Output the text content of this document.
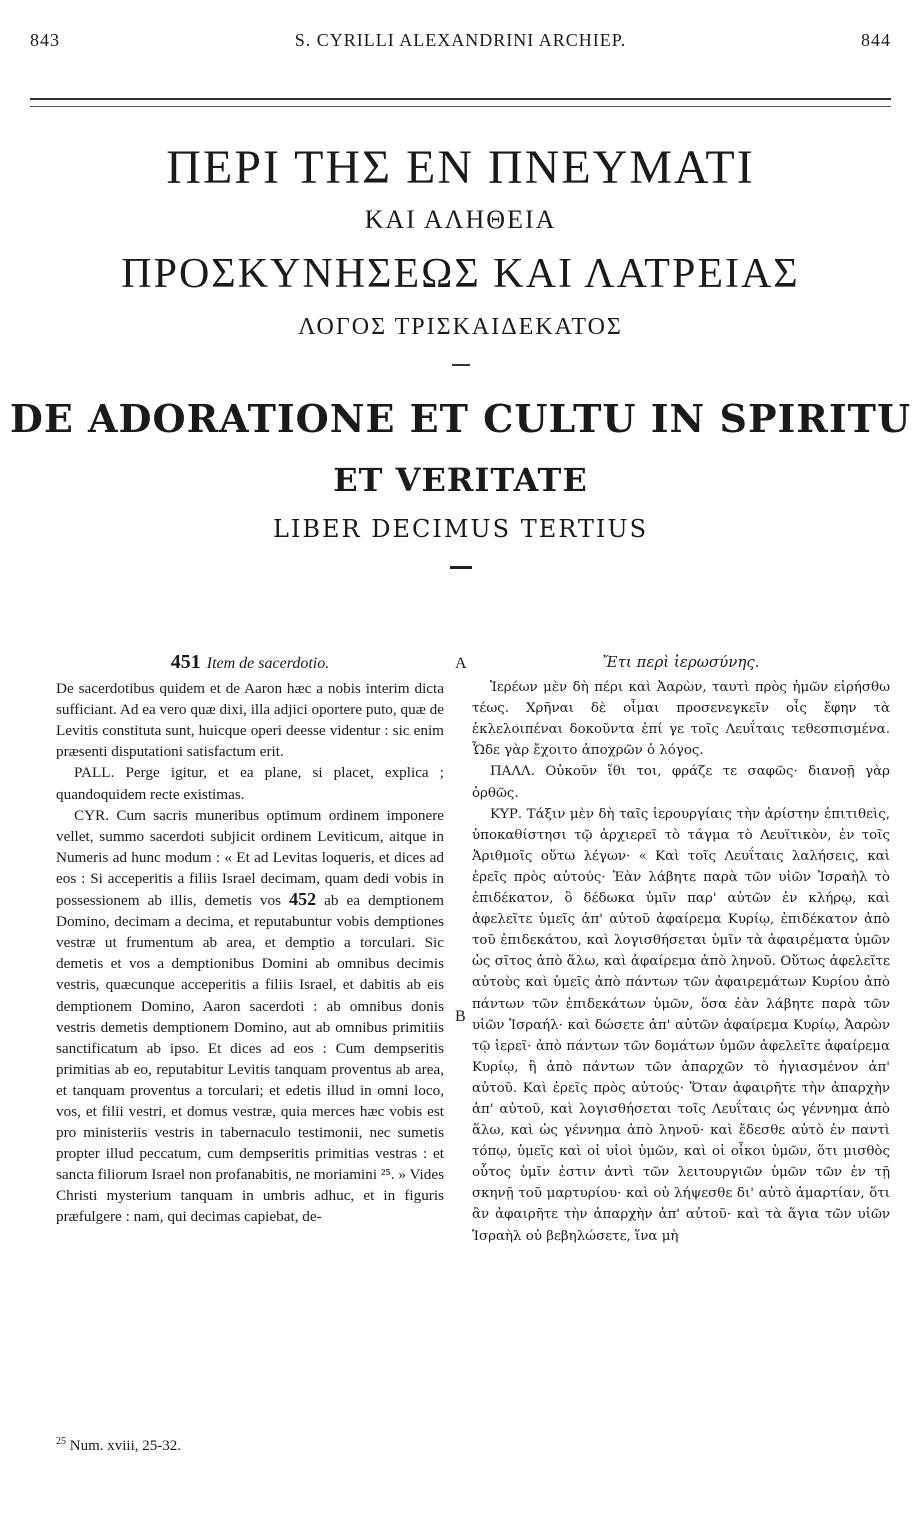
843	S. CYRILLI ALEXANDRINI ARCHIEP.	844
ΠΕΡΙ ΤΗΣ ΕΝ ΠΝΕΥΜΑΤΙ
ΚΑΙ ΑΛΗΘΕΙΑ
ΠΡΟΣΚΥΝΗΣΕΩΣ ΚΑΙ ΛΑΤΡΕΙΑΣ
ΛΟΓΟΣ ΤΡΙΣΚΑΙΔΕΚΑΤΟΣ
DE ADORATIONE ET CULTU IN SPIRITU
ET VERITATE
LIBER DECIMUS TERTIUS
A
B
451 Item de sacerdotio.

De sacerdotibus quidem et de Aaron hæc a nobis interim dicta sufficiant. Ad ea vero quæ dixi, illa adjici oportere puto, quæ de Levitis constituta sunt, huicque operi deesse videntur : sic enim præsenti disputationi satisfactum erit.

PALL. Perge igitur, et ea plane, si placet, explica ; quandoquidem recte existimas.

CYR. Cum sacris muneribus optimum ordinem imponere vellet, summo sacerdoti subjicit ordinem Leviticum, aitque in Numeris ad hunc modum : « Et ad Levitas loqueris, et dices ad eos : Si acceperitis a filiis Israel decimam, quam dedi vobis in possessionem ab illis, demetis vos 452 ab ea demptionem Domino, decimam a decima, et reputabuntur vobis demptiones vestræ ut frumentum ab area, et demptio a torculari. Sic demetis et vos a demptionibus Domini ab omnibus decimis vestris, quæcunque acceperitis a filiis Israel, et dabitis ab eis demptionem Domino, Aaron sacerdoti : ab omnibus donis vestris demetis demptionem Domino, aut ab omnibus primitiis sanctificatum ab ipso. Et dices ad eos : Cum dempseritis primitias ab eo, reputabitur Levitis tanquam proventus ab area, et tanquam proventus a torculari; et edetis illud in omni loco, vos, et filii vestri, et domus vestræ, quia merces hæc vobis est pro ministeriis vestris in tabernaculo testimonii, nec sumetis propter illud peccatum, cum dempseritis primitias vestras : et sancta filiorum Israel non profanabitis, ne moriamini ²⁵. » Vides Christi mysterium tanquam in umbris adhuc, et in figuris præfulgere : nam, qui decimas capiebat, de-

Ἔτι περὶ ἱερωσύνης.

Ἱερέων μὲν δὴ πέρι καὶ Ἀαρὼν, ταυτὶ πρὸς ἡμῶν εἰρήσθω τέως. Χρῆναι δὲ οἶμαι προσενεγκεῖν οἷς ἔφην τὰ ἐκλελοιπέναι δοκοῦντα ἐπί γε τοῖς Λευΐταις τεθεσπισμένα. Ὧδε γὰρ ἔχοιτο ἀποχρῶν ὁ λόγος.

ΠΑΛΛ. Οὐκοῦν ἴθι τοι, φράζε τε σαφῶς· διανοῇ γὰρ ὀρθῶς.

ΚΥΡ. Τάξιν μὲν δὴ ταῖς ἱερουργίαις τὴν ἀρίστην ἐπιτιθεὶς, ὑποκαθίστησι τῷ ἀρχιερεῖ τὸ τάγμα τὸ Λευϊτικὸν, ἐν τοῖς Ἀριθμοῖς οὕτω λέγων· « Καὶ τοῖς Λευΐταις λαλήσεις, καὶ ἐρεῖς πρὸς αὐτούς· Ἐὰν λάβητε παρὰ τῶν υἱῶν Ἰσραὴλ τὸ ἐπιδέκατον, ὃ δέδωκα ὑμῖν παρ' αὐτῶν ἐν κλήρῳ, καὶ ἀφελεῖτε ὑμεῖς ἀπ' αὐτοῦ ἀφαίρεμα Κυρίῳ, ἐπιδέκατον ἀπὸ τοῦ ἐπιδεκάτου, καὶ λογισθήσεται ὑμῖν τὰ ἀφαιρέματα ὑμῶν ὡς σῖτος ἀπὸ ἅλω, καὶ ἀφαίρεμα ἀπὸ ληνοῦ. Οὕτως ἀφελεῖτε αὐτοὺς καὶ ὑμεῖς ἀπὸ πάντων τῶν ἀφαιρεμάτων Κυρίου ἀπὸ πάντων τῶν ἐπιδεκάτων ὑμῶν, ὅσα ἐὰν λάβητε παρὰ τῶν υἱῶν Ἰσραήλ· καὶ δώσετε ἀπ' αὐτῶν ἀφαίρεμα Κυρίῳ, Ἀαρὼν τῷ ἱερεῖ· ἀπὸ πάντων τῶν δομάτων ὑμῶν ἀφελεῖτε ἀφαίρεμα Κυρίῳ, ἢ ἀπὸ πάντων τῶν ἀπαρχῶν τὸ ἡγιασμένον ἀπ' αὐτοῦ. Καὶ ἐρεῖς πρὸς αὐτούς· Ὅταν ἀφαιρῆτε τὴν ἀπαρχὴν ἀπ' αὐτοῦ, καὶ λογισθήσεται τοῖς Λευΐταις ὡς γέννημα ἀπὸ ἅλω, καὶ ὡς γέννημα ἀπὸ ληνοῦ· καὶ ἔδεσθε αὐτὸ ἐν παντὶ τόπῳ, ὑμεῖς καὶ οἱ υἱοὶ ὑμῶν, καὶ οἱ οἶκοι ὑμῶν, ὅτι μισθὸς οὗτος ὑμῖν ἐστιν ἀντὶ τῶν λειτουργιῶν ὑμῶν τῶν ἐν τῇ σκηνῇ τοῦ μαρτυρίου· καὶ οὐ λήψεσθε δι' αὐτὸ ἁμαρτίαν, ὅτι ἂν ἀφαιρῆτε τὴν ἀπαρχὴν ἀπ' αὐτοῦ· καὶ τὰ ἅγια τῶν υἱῶν Ἰσραὴλ οὐ βεβηλώσετε, ἵνα μὴ

$^{25}$ Num. xviii, 25-32.
